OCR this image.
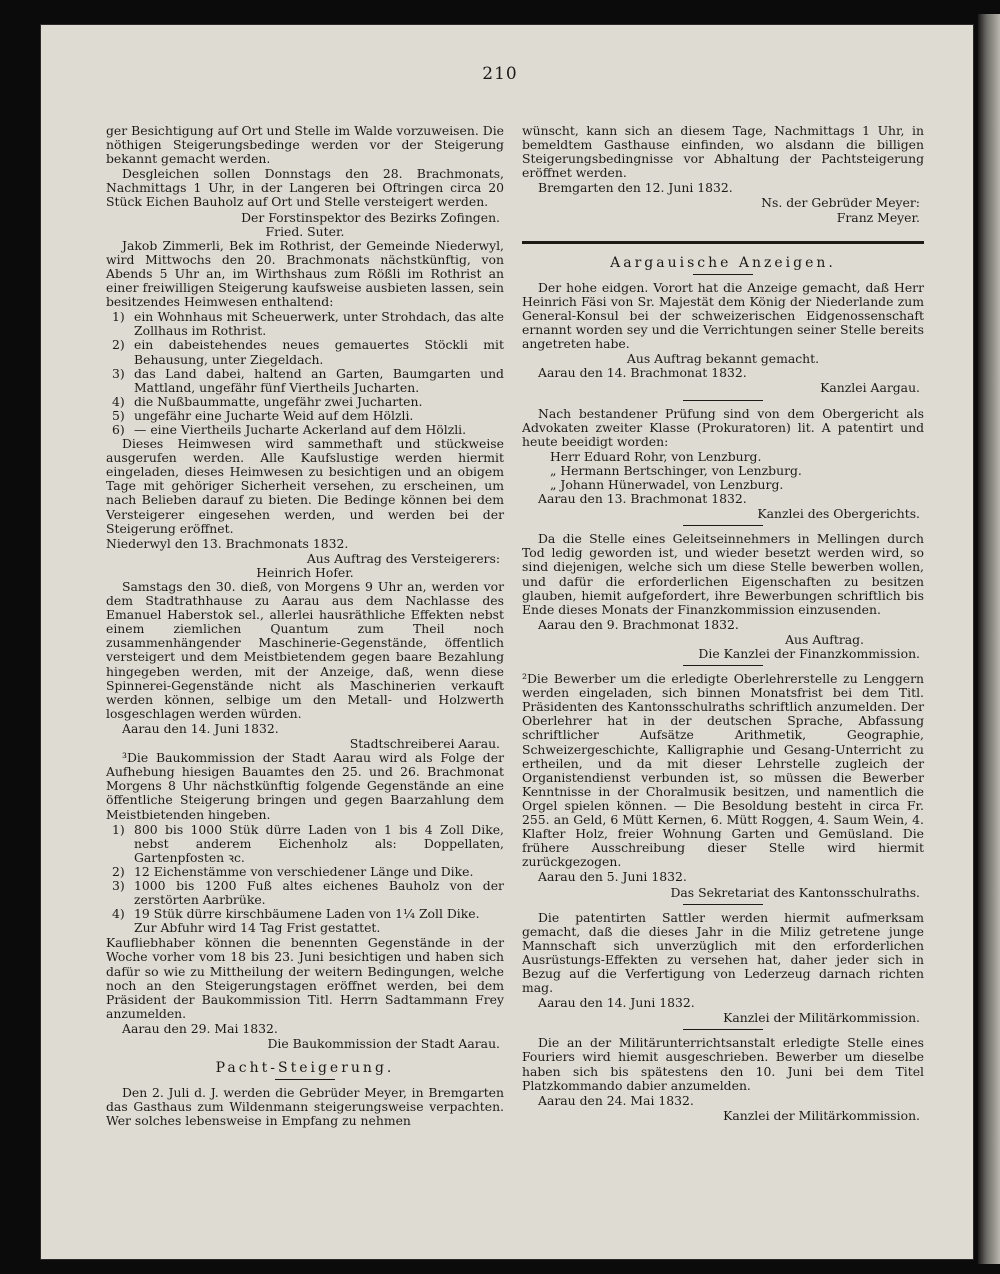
210
ger Besichtigung auf Ort und Stelle im Walde vorzuweisen. Die nöthigen Steigerungsbedinge werden vor der Steigerung bekannt gemacht werden.
Desgleichen sollen Donnstags den 28. Brachmonats, Nachmittags 1 Uhr, in der Langeren bei Oftringen circa 20 Stück Eichen Bauholz auf Ort und Stelle versteigert werden.
Der Forstinspektor des Bezirks Zofingen.
Fried. Suter.
Jakob Zimmerli, Bek im Rothrist, der Gemeinde Niederwyl, wird Mittwochs den 20. Brachmonats nächstkünftig, von Abends 5 Uhr an, im Wirthshaus zum Rößli im Rothrist an einer freiwilligen Steigerung kaufsweise ausbieten lassen, sein besitzendes Heimwesen enthaltend:
1) ein Wohnhaus mit Scheuerwerk, unter Strohdach, das alte Zollhaus im Rothrist.
2) ein dabeistehendes neues gemauertes Stöckli mit Behausung, unter Ziegeldach.
3) das Land dabei, haltend an Garten, Baumgarten und Mattland, ungefähr fünf Viertheils Jucharten.
4) die Nußbaummatte, ungefähr zwei Jucharten.
5) ungefähr eine Jucharte Weid auf dem Hölzli.
6) — eine Viertheils Jucharte Ackerland auf dem Hölzli.
Dieses Heimwesen wird sammethaft und stückweise ausgerufen werden. Alle Kaufslustige werden hiermit eingeladen, dieses Heimwesen zu besichtigen und an obigem Tage mit gehöriger Sicherheit versehen, zu erscheinen, um nach Belieben darauf zu bieten. Die Bedinge können bei dem Versteigerer eingesehen werden, und werden bei der Steigerung eröffnet.
Niederwyl den 13. Brachmonats 1832.
Aus Auftrag des Versteigerers:
Heinrich Hofer.
Samstags den 30. dieß, von Morgens 9 Uhr an, werden vor dem Stadtrathhause zu Aarau aus dem Nachlasse des Emanuel Haberstok sel., allerlei hausräthliche Effekten nebst einem ziemlichen Quantum zum Theil noch zusammenhängender Maschinerie-Gegenstände, öffentlich versteigert und dem Meistbietendem gegen baare Bezahlung hingegeben werden, mit der Anzeige, daß, wenn diese Spinnerei-Gegenstände nicht als Maschinerien verkauft werden können, selbige um den Metall- und Holzwerth losgeschlagen werden würden.
Aarau den 14. Juni 1832.
Stadtschreiberei Aarau.
³Die Baukommission der Stadt Aarau wird als Folge der Aufhebung hiesigen Bauamtes den 25. und 26. Brachmonat Morgens 8 Uhr nächstkünftig folgende Gegenstände an eine öffentliche Steigerung bringen und gegen Baarzahlung dem Meistbietenden hingeben.
1) 800 bis 1000 Stük dürre Laden von 1 bis 4 Zoll Dike, nebst anderem Eichenholz als: Doppellaten, Gartenpfosten ꝛc.
2) 12 Eichenstämme von verschiedener Länge und Dike.
3) 1000 bis 1200 Fuß altes eichenes Bauholz von der zerstörten Aarbrüke.
4) 19 Stük dürre kirschbäumene Laden von 1¼ Zoll Dike.
Zur Abfuhr wird 14 Tag Frist gestattet.
Kaufliebhaber können die benennten Gegenstände in der Woche vorher vom 18 bis 23. Juni besichtigen und haben sich dafür so wie zu Mittheilung der weitern Bedingungen, welche noch an den Steigerungstagen eröffnet werden, bei dem Präsident der Baukommission Titl. Herrn Sadtammann Frey anzumelden.
Aarau den 29. Mai 1832.
Die Baukommission der Stadt Aarau.
Pacht-Steigerung.
Den 2. Juli d. J. werden die Gebrüder Meyer, in Bremgarten das Gasthaus zum Wildenmann steigerungsweise verpachten. Wer solches lebensweise in Empfang zu nehmen
wünscht, kann sich an diesem Tage, Nachmittags 1 Uhr, in bemeldtem Gasthause einfinden, wo alsdann die billigen Steigerungsbedingnisse vor Abhaltung der Pachtsteigerung eröffnet werden.
Bremgarten den 12. Juni 1832.
Ns. der Gebrüder Meyer:
Franz Meyer.
Aargauische Anzeigen.
Der hohe eidgen. Vorort hat die Anzeige gemacht, daß Herr Heinrich Fäsi von Sr. Majestät dem König der Niederlande zum General-Konsul bei der schweizerischen Eidgenossenschaft ernannt worden sey und die Verrichtungen seiner Stelle bereits angetreten habe.
Aus Auftrag bekannt gemacht.
Aarau den 14. Brachmonat 1832.
Kanzlei Aargau.
Nach bestandener Prüfung sind von dem Obergericht als Advokaten zweiter Klasse (Prokuratoren) lit. A patentirt und heute beeidigt worden:
Herr Eduard Rohr, von Lenzburg.
„ Hermann Bertschinger, von Lenzburg.
„ Johann Hünerwadel, von Lenzburg.
Aarau den 13. Brachmonat 1832.
Kanzlei des Obergerichts.
Da die Stelle eines Geleitseinnehmers in Mellingen durch Tod ledig geworden ist, und wieder besetzt werden wird, so sind diejenigen, welche sich um diese Stelle bewerben wollen, und dafür die erforderlichen Eigenschaften zu besitzen glauben, hiemit aufgefordert, ihre Bewerbungen schriftlich bis Ende dieses Monats der Finanzkommission einzusenden.
Aarau den 9. Brachmonat 1832.
Aus Auftrag.
Die Kanzlei der Finanzkommission.
²Die Bewerber um die erledigte Oberlehrerstelle zu Lenggern werden eingeladen, sich binnen Monatsfrist bei dem Titl. Präsidenten des Kantonsschulraths schriftlich anzumelden. Der Oberlehrer hat in der deutschen Sprache, Abfassung schriftlicher Aufsätze Arithmetik, Geographie, Schweizergeschichte, Kalligraphie und Gesang-Unterricht zu ertheilen, und da mit dieser Lehrstelle zugleich der Organistendienst verbunden ist, so müssen die Bewerber Kenntnisse in der Choralmusik besitzen, und namentlich die Orgel spielen können. — Die Besoldung besteht in circa Fr. 255. an Geld, 6 Mütt Kernen, 6. Mütt Roggen, 4. Saum Wein, 4. Klafter Holz, freier Wohnung Garten und Gemüsland. Die frühere Ausschreibung dieser Stelle wird hiermit zurückgezogen.
Aarau den 5. Juni 1832.
Das Sekretariat des Kantonsschulraths.
Die patentirten Sattler werden hiermit aufmerksam gemacht, daß die dieses Jahr in die Miliz getretene junge Mannschaft sich unverzüglich mit den erforderlichen Ausrüstungs-Effekten zu versehen hat, daher jeder sich in Bezug auf die Verfertigung von Lederzeug darnach richten mag.
Aarau den 14. Juni 1832.
Kanzlei der Militärkommission.
Die an der Militärunterrichtsanstalt erledigte Stelle eines Fouriers wird hiemit ausgeschrieben. Bewerber um dieselbe haben sich bis spätestens den 10. Juni bei dem Titel Platzkommando dabier anzumelden.
Aarau den 24. Mai 1832.
Kanzlei der Militärkommission.
